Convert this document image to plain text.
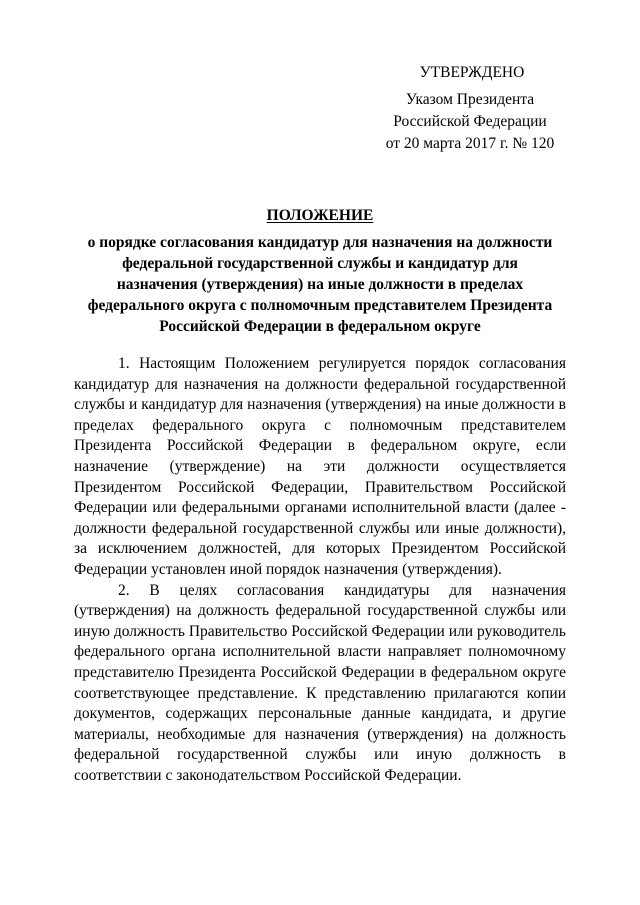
УТВЕРЖДЕНО
Указом Президента
Российской Федерации
от 20 марта 2017 г. № 120
ПОЛОЖЕНИЕ
о порядке согласования кандидатур для назначения на должности
федеральной государственной службы и кандидатур для
назначения (утверждения) на иные должности в пределах
федерального округа с полномочным представителем Президента
Российской Федерации в федеральном округе

1. Настоящим Положением регулируется порядок согласования кандидатур для назначения на должности федеральной государственной службы и кандидатур для назначения (утверждения) на иные должности в пределах федерального округа с полномочным представителем Президента Российской Федерации в федеральном округе, если назначение (утверждение) на эти должности осуществляется Президентом Российской Федерации, Правительством Российской Федерации или федеральными органами исполнительной власти (далее - должности федеральной государственной службы или иные должности), за исключением должностей, для которых Президентом Российской Федерации установлен иной порядок назначения (утверждения).

2. В целях согласования кандидатуры для назначения (утверждения) на должность федеральной государственной службы или иную должность Правительство Российской Федерации или руководитель федерального органа исполнительной власти направляет полномочному представителю Президента Российской Федерации в федеральном округе соответствующее представление. К представлению прилагаются копии документов, содержащих персональные данные кандидата, и другие материалы, необходимые для назначения (утверждения) на должность федеральной государственной службы или иную должность в соответствии с законодательством Российской Федерации.
